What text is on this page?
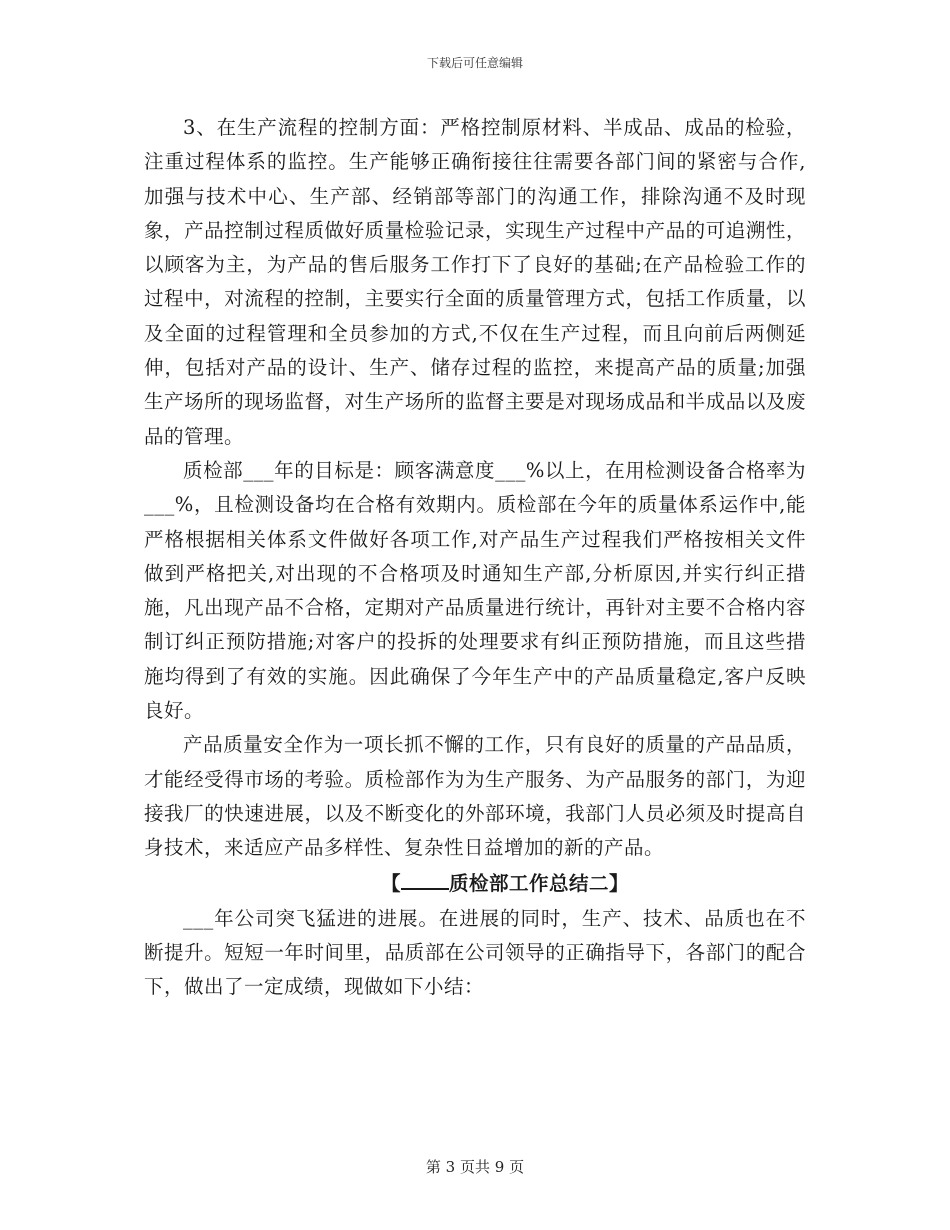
下载后可任意编辑

3、在生产流程的控制方面：严格控制原材料、半成品、成品的检验，注重过程体系的监控。生产能够正确衔接往往需要各部门间的紧密与合作,加强与技术中心、生产部、经销部等部门的沟通工作，排除沟通不及时现象，产品控制过程质做好质量检验记录，实现生产过程中产品的可追溯性，以顾客为主，为产品的售后服务工作打下了良好的基础;在产品检验工作的过程中，对流程的控制，主要实行全面的质量管理方式，包括工作质量，以及全面的过程管理和全员参加的方式,不仅在生产过程，而且向前后两侧延伸，包括对产品的设计、生产、储存过程的监控，来提高产品的质量;加强生产场所的现场监督，对生产场所的监督主要是对现场成品和半成品以及废品的管理。

质检部___年的目标是：顾客满意度___%以上，在用检测设备合格率为___%，且检测设备均在合格有效期内。质检部在今年的质量体系运作中,能严格根据相关体系文件做好各项工作,对产品生产过程我们严格按相关文件做到严格把关,对出现的不合格项及时通知生产部,分析原因,并实行纠正措施，凡出现产品不合格，定期对产品质量进行统计，再针对主要不合格内容制订纠正预防措施;对客户的投拆的处理要求有纠正预防措施，而且这些措施均得到了有效的实施。因此确保了今年生产中的产品质量稳定,客户反映良好。

产品质量安全作为一项长抓不懈的工作，只有良好的质量的产品品质，才能经受得市场的考验。质检部作为为生产服务、为产品服务的部门，为迎接我厂的快速进展，以及不断变化的外部环境，我部门人员必须及时提高自身技术，来适应产品多样性、复杂性日益增加的新的产品。

【 质检部工作总结二】

___年公司突飞猛进的进展。在进展的同时，生产、技术、品质也在不断提升。短短一年时间里，品质部在公司领导的正确指导下，各部门的配合下，做出了一定成绩，现做如下小结：

第 3 页共 9 页
